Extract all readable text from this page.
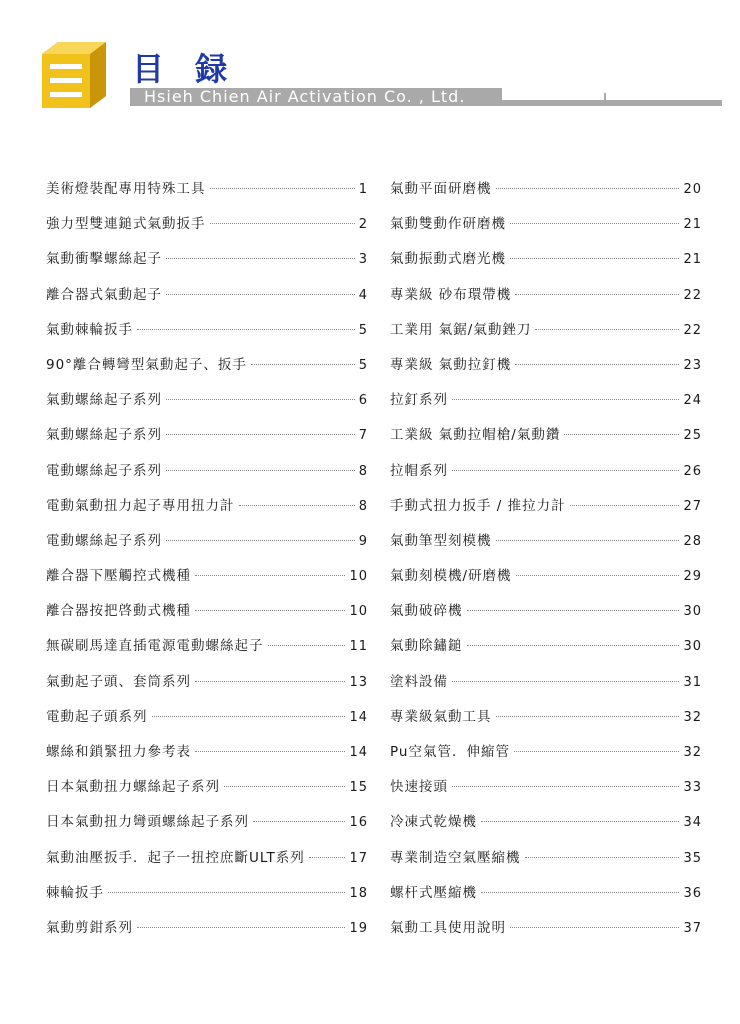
目 録
Hsieh Chien Air Activation Co. , Ltd.
美術燈裝配專用特殊工具	1
強力型雙連鎚式氣動扳手	2
氣動衝擊螺絲起子	3
離合器式氣動起子	4
氣動棘輪扳手	5
90°離合轉彎型氣動起子、扳手	5
氣動螺絲起子系列	6
氣動螺絲起子系列	7
電動螺絲起子系列	8
電動氣動扭力起子專用扭力計	8
電動螺絲起子系列	9
離合器下壓觸控式機種	10
離合器按把啓動式機種	10
無碳刷馬達直插電源電動螺絲起子	11
氣動起子頭、套筒系列	13
電動起子頭系列	14
螺絲和鎖緊扭力參考表	14
日本氣動扭力螺絲起子系列	15
日本氣動扭力彎頭螺絲起子系列	16
氣動油壓扳手．起子一扭控庶斷ULT系列	17
棘輪扳手	18
氣動剪鉗系列	19
氣動平面研磨機	20
氣動雙動作研磨機	21
氣動振動式磨光機	21
專業級 砂布環帶機	22
工業用 氣鋸/氣動銼刀	22
專業級 氣動拉釘機	23
拉釘系列	24
工業級 氣動拉帽槍/氣動鑽	25
拉帽系列	26
手動式扭力扳手 / 推拉力計	27
氣動筆型刻模機	28
氣動刻模機/研磨機	29
氣動破碎機	30
氣動除鏽鎚	30
塗料設備	31
專業級氣動工具	32
Pu空氣管．伸縮管	32
快速接頭	33
冷凍式乾燥機	34
專業制造空氣壓縮機	35
螺杆式壓縮機	36
氣動工具使用說明	37
